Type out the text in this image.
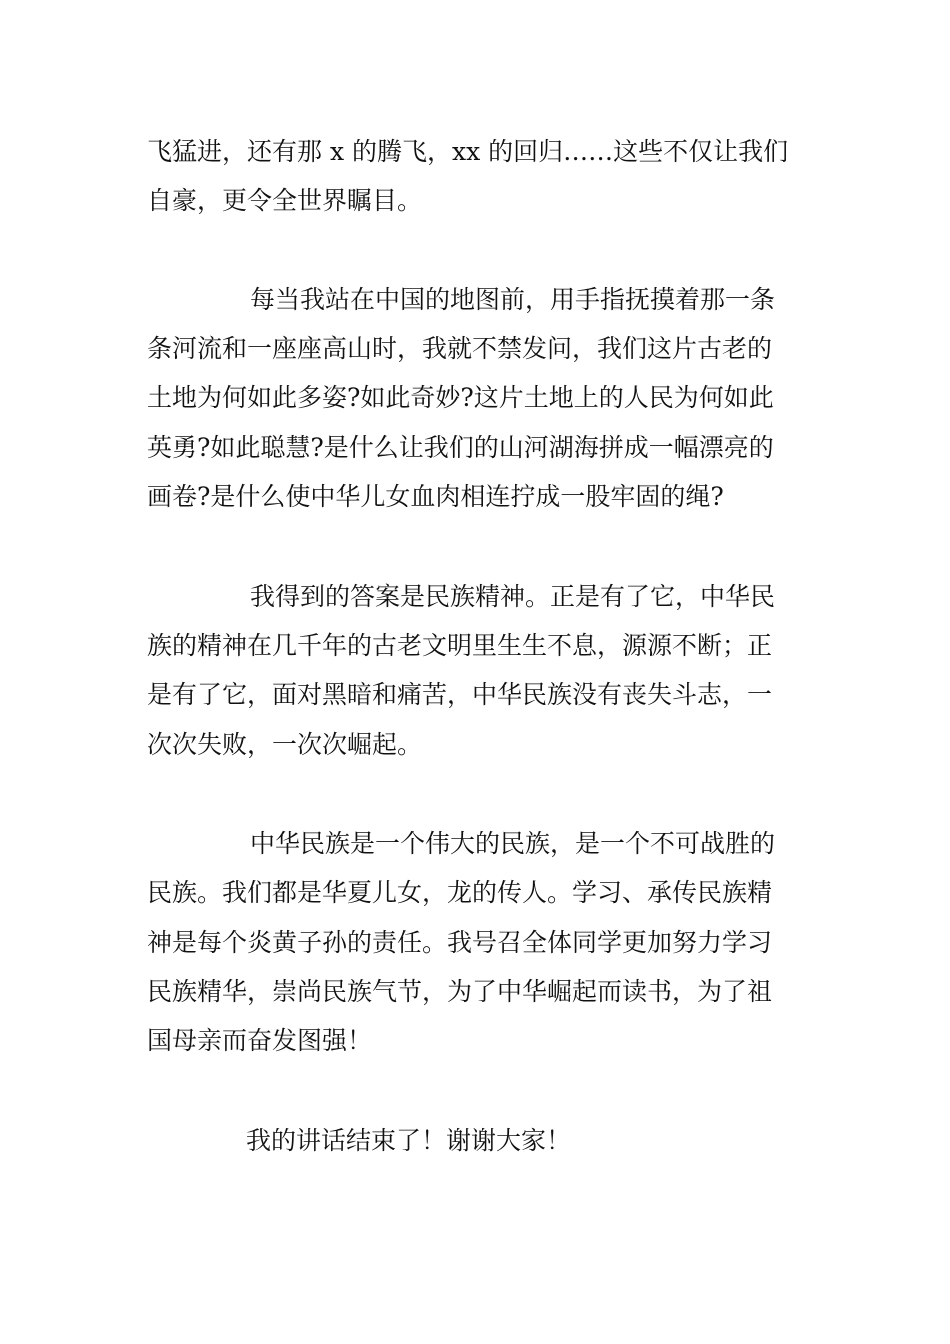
飞猛进，还有那 x 的腾飞，xx 的回归……这些不仅让我们

自豪，更令全世界瞩目。

每当我站在中国的地图前，用手指抚摸着那一条

条河流和一座座高山时，我就不禁发问，我们这片古老的

土地为何如此多姿?如此奇妙?这片土地上的人民为何如此

英勇?如此聪慧?是什么让我们的山河湖海拼成一幅漂亮的

画卷?是什么使中华儿女血肉相连拧成一股牢固的绳?

我得到的答案是民族精神。正是有了它，中华民

族的精神在几千年的古老文明里生生不息，源源不断；正

是有了它，面对黑暗和痛苦，中华民族没有丧失斗志，一

次次失败，一次次崛起。

中华民族是一个伟大的民族，是一个不可战胜的

民族。我们都是华夏儿女，龙的传人。学习、承传民族精

神是每个炎黄子孙的责任。我号召全体同学更加努力学习

民族精华，崇尚民族气节，为了中华崛起而读书，为了祖

国母亲而奋发图强！

我的讲话结束了！谢谢大家！
